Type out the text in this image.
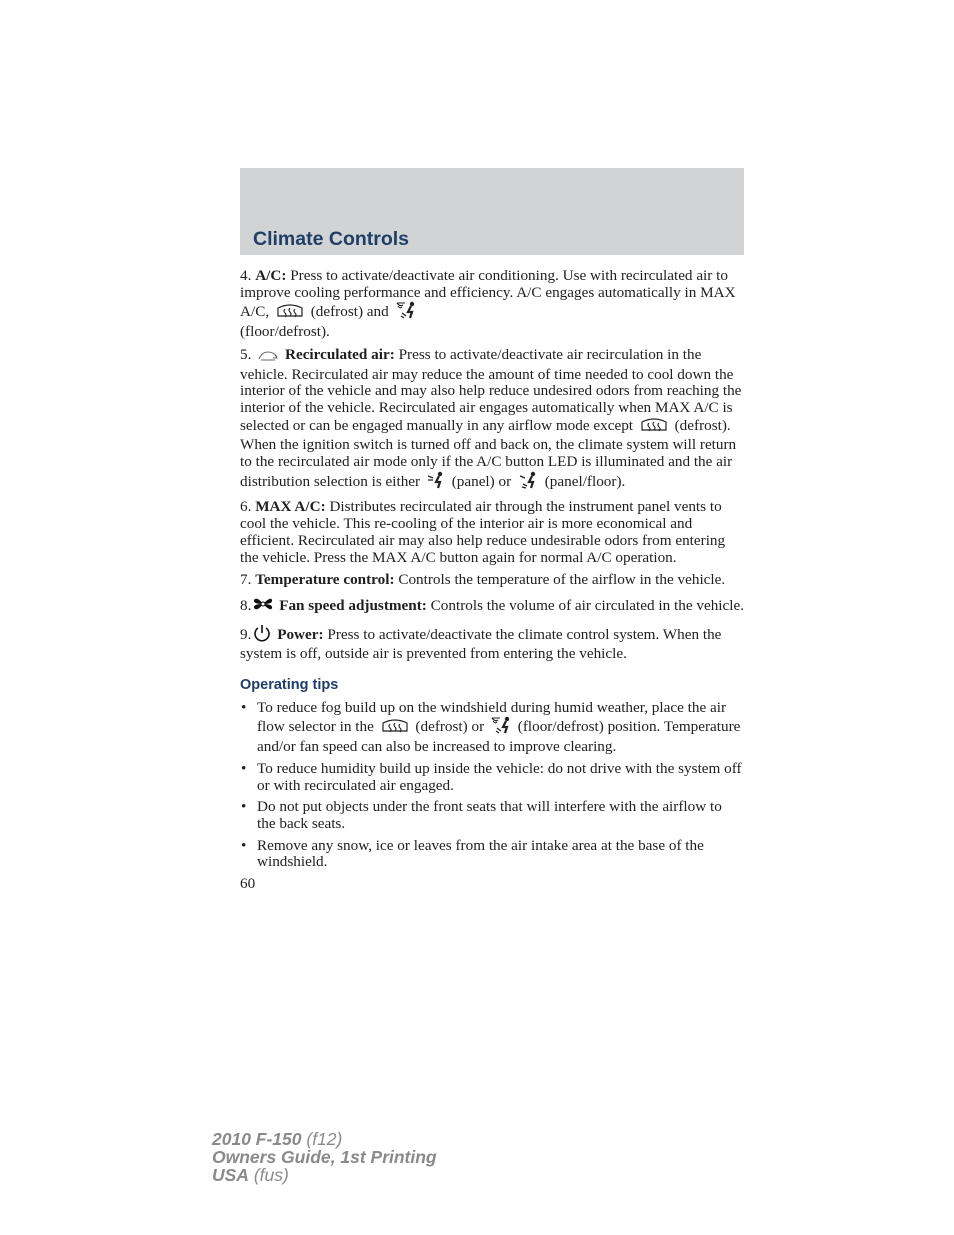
Climate Controls

4. A/C: Press to activate/deactivate air conditioning. Use with recirculated air to improve cooling performance and efficiency. A/C engages automatically in MAX A/C,  (defrost) and
(floor/defrost).

5. Recirculated air: Press to activate/deactivate air recirculation in the vehicle. Recirculated air may reduce the amount of time needed to cool down the interior of the vehicle and may also help reduce undesired odors from reaching the interior of the vehicle. Recirculated air engages automatically when MAX A/C is selected or can be engaged manually in any airflow mode except  (defrost). When the ignition switch is turned off and back on, the climate system will return to the recirculated air mode only if the A/C button LED is illuminated and the air distribution selection is either  (panel) or  (panel/floor).

6. MAX A/C: Distributes recirculated air through the instrument panel vents to cool the vehicle. This re-cooling of the interior air is more economical and efficient. Recirculated air may also help reduce undesirable odors from entering the vehicle. Press the MAX A/C button again for normal A/C operation.

7. Temperature control: Controls the temperature of the airflow in the vehicle.

8. Fan speed adjustment: Controls the volume of air circulated in the vehicle.

9. Power: Press to activate/deactivate the climate control system. When the system is off, outside air is prevented from entering the vehicle.

Operating tips
• To reduce fog build up on the windshield during humid weather, place the air flow selector in the  (defrost) or  (floor/defrost) position. Temperature and/or fan speed can also be increased to improve clearing.
• To reduce humidity build up inside the vehicle: do not drive with the system off or with recirculated air engaged.
• Do not put objects under the front seats that will interfere with the airflow to the back seats.
• Remove any snow, ice or leaves from the air intake area at the base of the windshield.
60
2010 F-150 (f12)
Owners Guide, 1st Printing
USA (fus)
